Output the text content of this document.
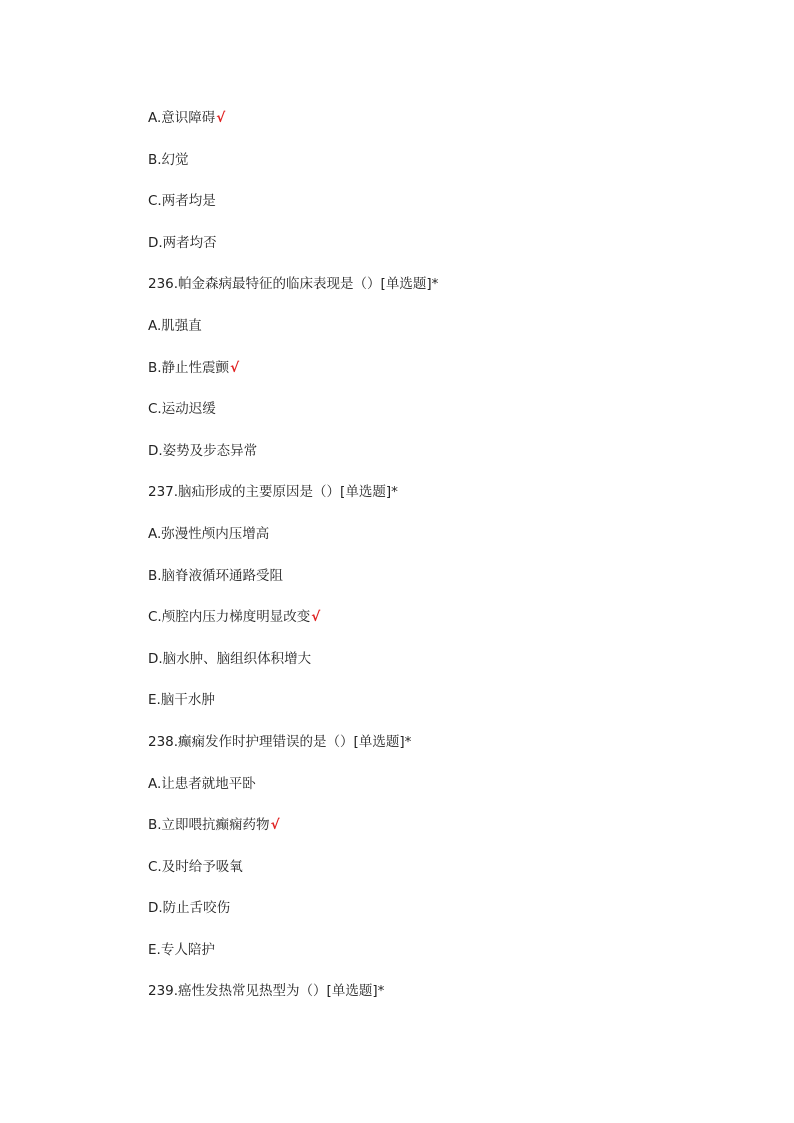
A.意识障碍√
B.幻觉
C.两者均是
D.两者均否
236.帕金森病最特征的临床表现是（）[单选题]*
A.肌强直
B.静止性震颤√
C.运动迟缓
D.姿势及步态异常
237.脑疝形成的主要原因是（）[单选题]*
A.弥漫性颅内压增高
B.脑脊液循环通路受阻
C.颅腔内压力梯度明显改变√
D.脑水肿、脑组织体积增大
E.脑干水肿
238.癫痫发作时护理错误的是（）[单选题]*
A.让患者就地平卧
B.立即喂抗癫痫药物√
C.及时给予吸氧
D.防止舌咬伤
E.专人陪护
239.癌性发热常见热型为（）[单选题]*
